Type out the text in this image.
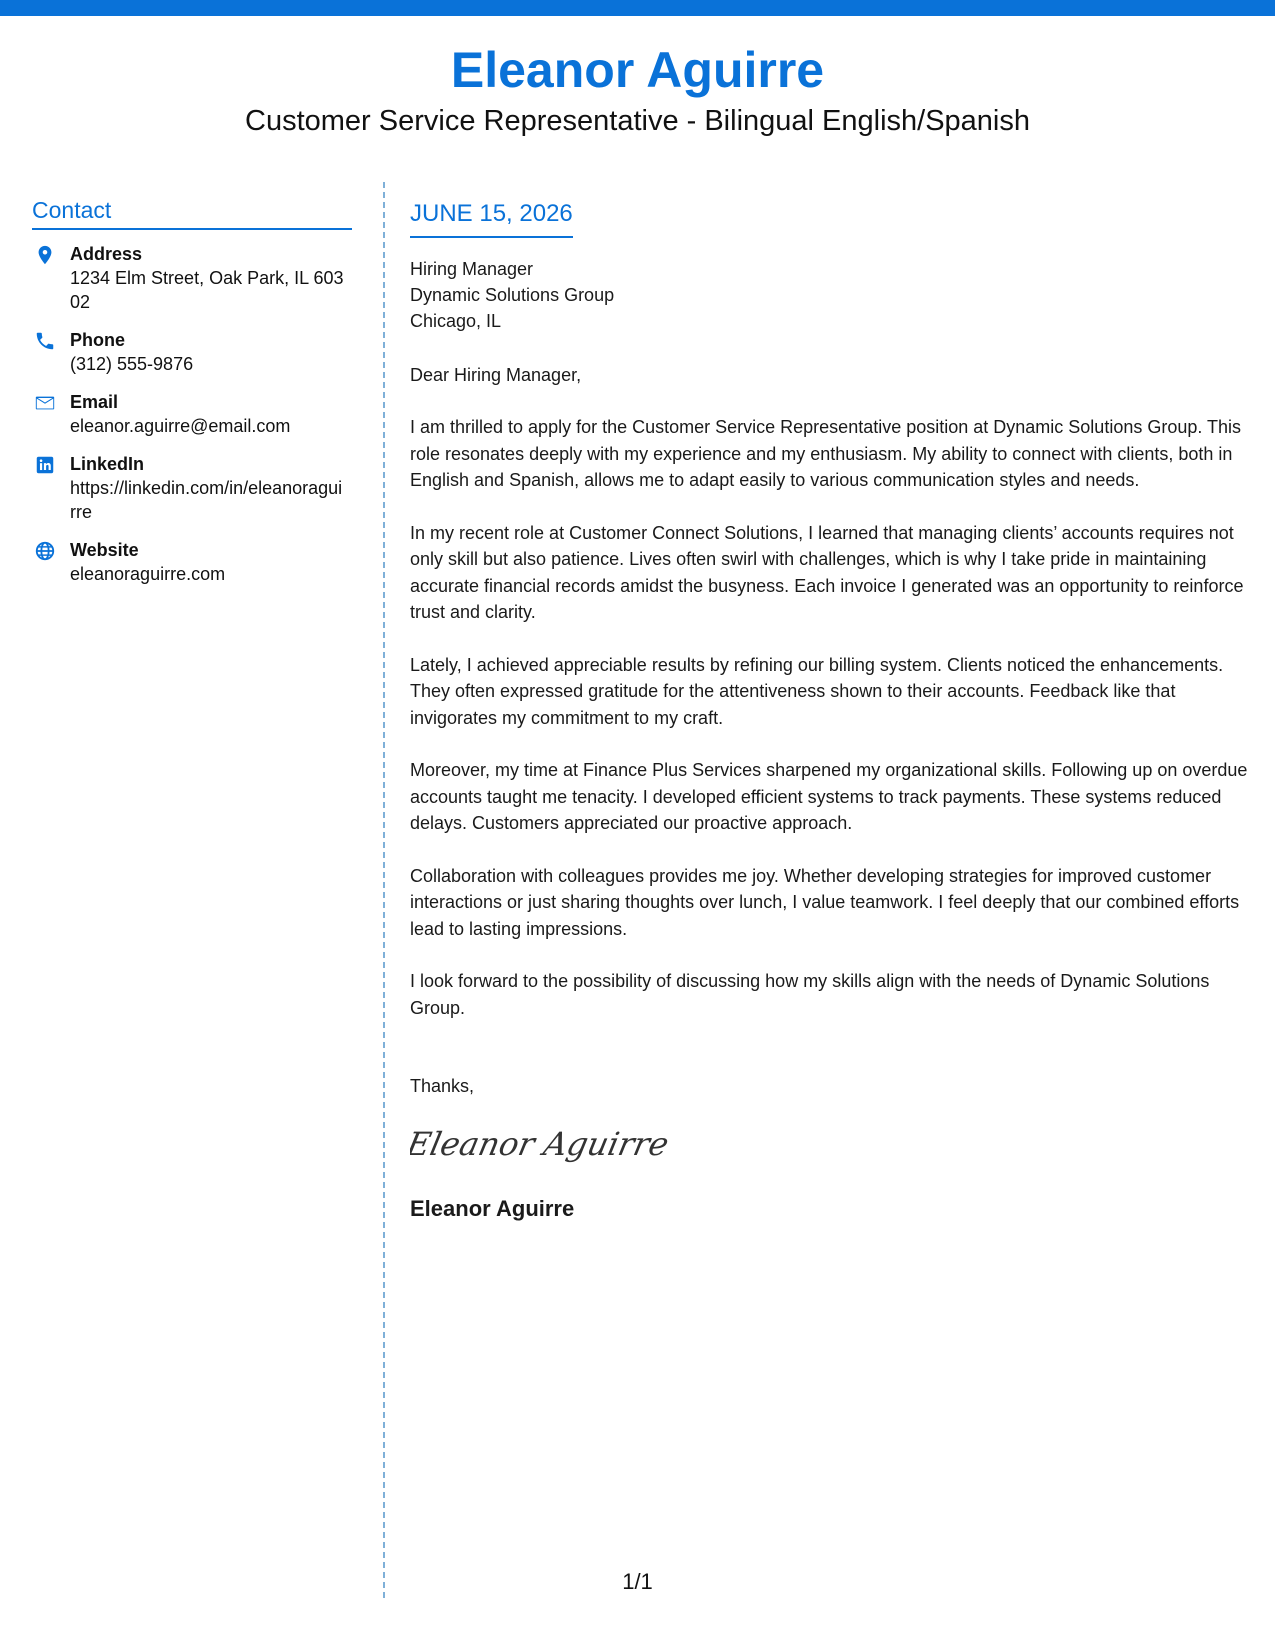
Eleanor Aguirre
Customer Service Representative - Bilingual English/Spanish
Contact
Address
1234 Elm Street, Oak Park, IL 60302
Phone
(312) 555-9876
Email
eleanor.aguirre@email.com
LinkedIn
https://linkedin.com/in/eleanoraguirre
Website
eleanoraguirre.com
JUNE 15, 2026
Hiring Manager
Dynamic Solutions Group
Chicago, IL
Dear Hiring Manager,
I am thrilled to apply for the Customer Service Representative position at Dynamic Solutions Group. This role resonates deeply with my experience and my enthusiasm. My ability to connect with clients, both in English and Spanish, allows me to adapt easily to various communication styles and needs.
In my recent role at Customer Connect Solutions, I learned that managing clients’ accounts requires not only skill but also patience. Lives often swirl with challenges, which is why I take pride in maintaining accurate financial records amidst the busyness. Each invoice I generated was an opportunity to reinforce trust and clarity.
Lately, I achieved appreciable results by refining our billing system. Clients noticed the enhancements. They often expressed gratitude for the attentiveness shown to their accounts. Feedback like that invigorates my commitment to my craft.
Moreover, my time at Finance Plus Services sharpened my organizational skills. Following up on overdue accounts taught me tenacity. I developed efficient systems to track payments. These systems reduced delays. Customers appreciated our proactive approach.
Collaboration with colleagues provides me joy. Whether developing strategies for improved customer interactions or just sharing thoughts over lunch, I value teamwork. I feel deeply that our combined efforts lead to lasting impressions.
I look forward to the possibility of discussing how my skills align with the needs of Dynamic Solutions Group.
Thanks,
Eleanor Aguirre
Eleanor Aguirre
1/1
